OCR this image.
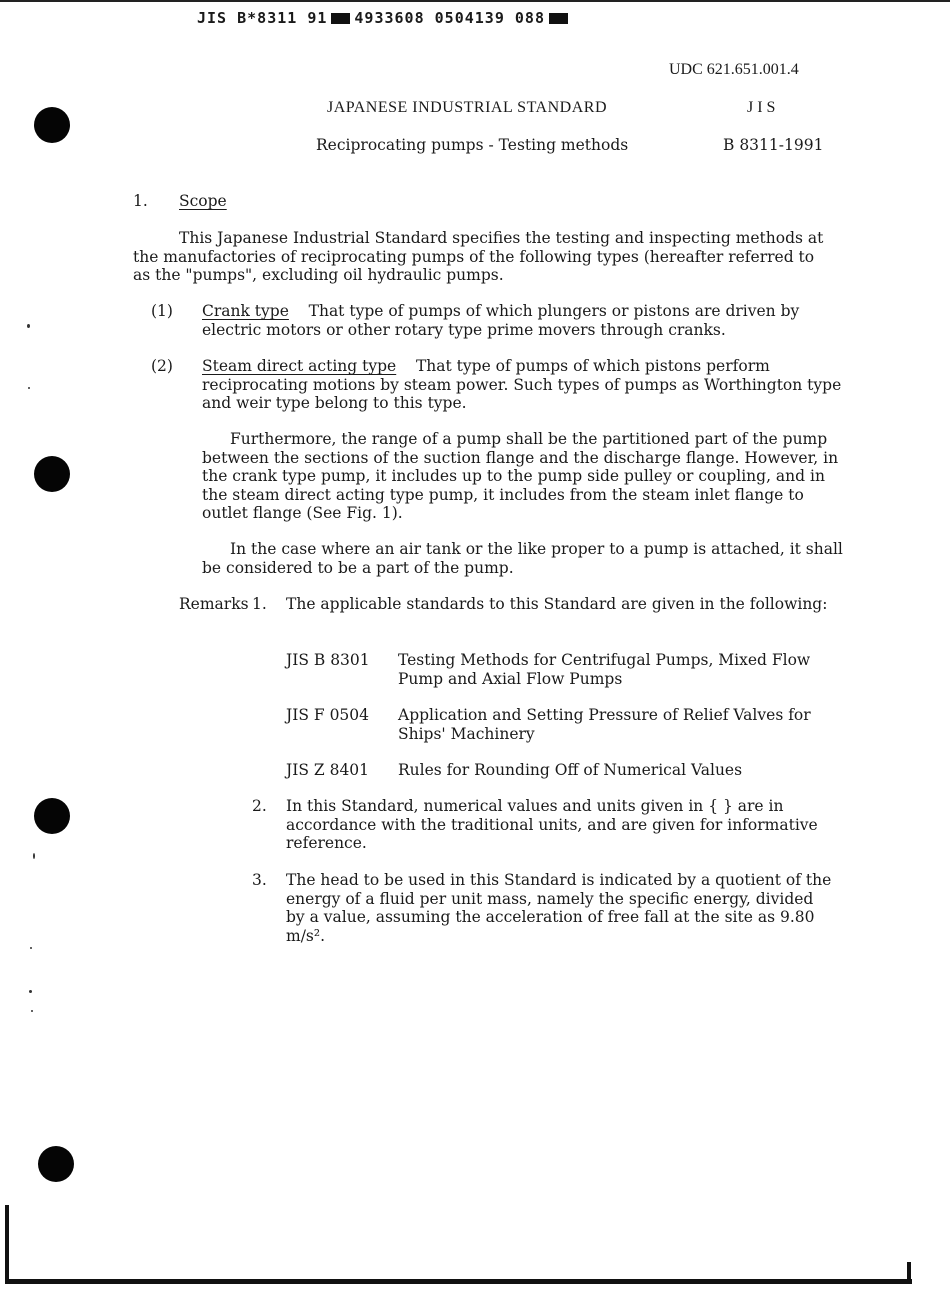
JIS B*8311 91 4933608 0504139 088
UDC 621.651.001.4
JAPANESE INDUSTRIAL STANDARD	J I S
Reciprocating pumps - Testing methods	B 8311-1991
1. Scope
This Japanese Industrial Standard specifies the testing and inspecting methods at the manufactories of reciprocating pumps of the following types (hereafter referred to as the "pumps", excluding oil hydraulic pumps.
(1) Crank type That type of pumps of which plungers or pistons are driven by electric motors or other rotary type prime movers through cranks.
(2) Steam direct acting type That type of pumps of which pistons perform reciprocating motions by steam power. Such types of pumps as Worthington type and weir type belong to this type.
Furthermore, the range of a pump shall be the partitioned part of the pump between the sections of the suction flange and the discharge flange. However, in the crank type pump, it includes up to the pump side pulley or coupling, and in the steam direct acting type pump, it includes from the steam inlet flange to outlet flange (See Fig. 1).
In the case where an air tank or the like proper to a pump is attached, it shall be considered to be a part of the pump.
Remarks 1. The applicable standards to this Standard are given in the following:
JIS B 8301 Testing Methods for Centrifugal Pumps, Mixed Flow Pump and Axial Flow Pumps
JIS F 0504 Application and Setting Pressure of Relief Valves for Ships' Machinery
JIS Z 8401 Rules for Rounding Off of Numerical Values
2. In this Standard, numerical values and units given in { } are in accordance with the traditional units, and are given for informative reference.
3. The head to be used in this Standard is indicated by a quotient of the energy of a fluid per unit mass, namely the specific energy, divided by a value, assuming the acceleration of free fall at the site as 9.80 m/s².
